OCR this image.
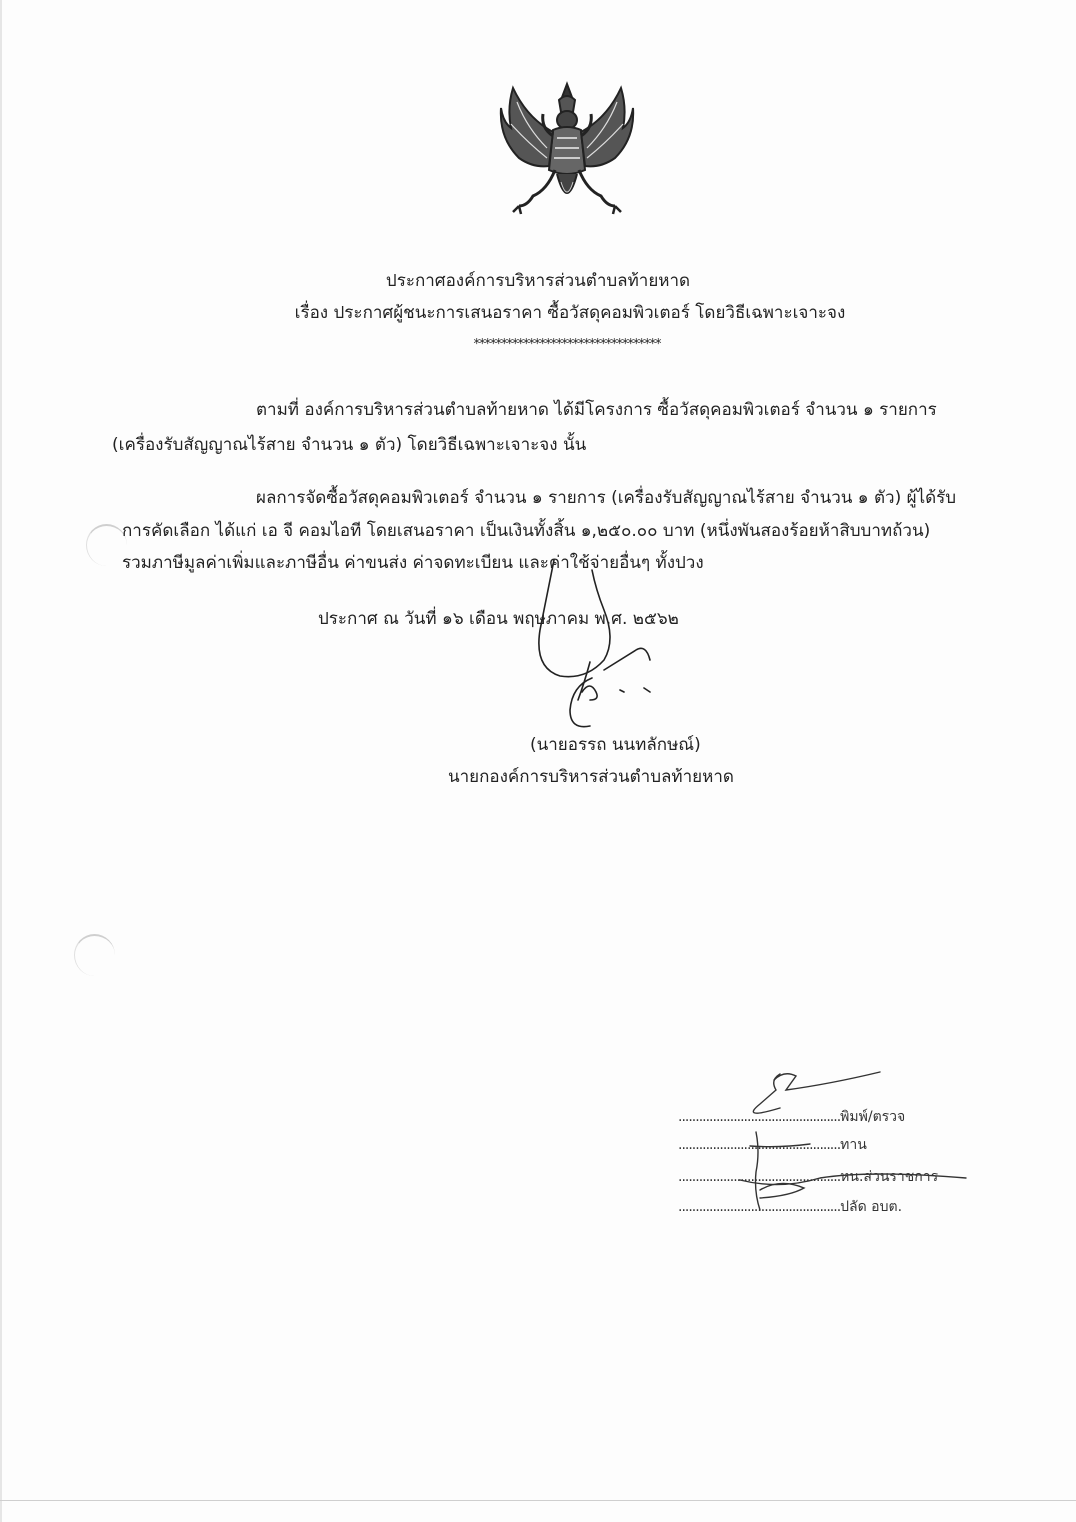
ประกาศองค์การบริหารส่วนตำบลท้ายหาด
เรื่อง ประกาศผู้ชนะการเสนอราคา ซื้อวัสดุคอมพิวเตอร์ โดยวิธีเฉพาะเจาะจง
**********************************
ตามที่ องค์การบริหารส่วนตำบลท้ายหาด ได้มีโครงการ ซื้อวัสดุคอมพิวเตอร์ จำนวน ๑ รายการ
(เครื่องรับสัญญาณไร้สาย จำนวน ๑ ตัว) โดยวิธีเฉพาะเจาะจง นั้น
ผลการจัดซื้อวัสดุคอมพิวเตอร์ จำนวน ๑ รายการ (เครื่องรับสัญญาณไร้สาย จำนวน ๑ ตัว) ผู้ได้รับ
การคัดเลือก ได้แก่ เอ จี คอมไอที โดยเสนอราคา เป็นเงินทั้งสิ้น ๑,๒๕๐.๐๐ บาท (หนึ่งพันสองร้อยห้าสิบบาทถ้วน)
รวมภาษีมูลค่าเพิ่มและภาษีอื่น ค่าขนส่ง ค่าจดทะเบียน และค่าใช้จ่ายอื่นๆ ทั้งปวง
ประกาศ ณ วันที่ ๑๖ เดือน พฤษภาคม พ.ศ. ๒๕๖๒
(นายอรรถ นนทลักษณ์)
นายกองค์การบริหารส่วนตำบลท้ายหาด
...............................................พิมพ์/ตรวจ
...............................................ทาน
...............................................หน.ส่วนราชการ
...............................................ปลัด อบต.
